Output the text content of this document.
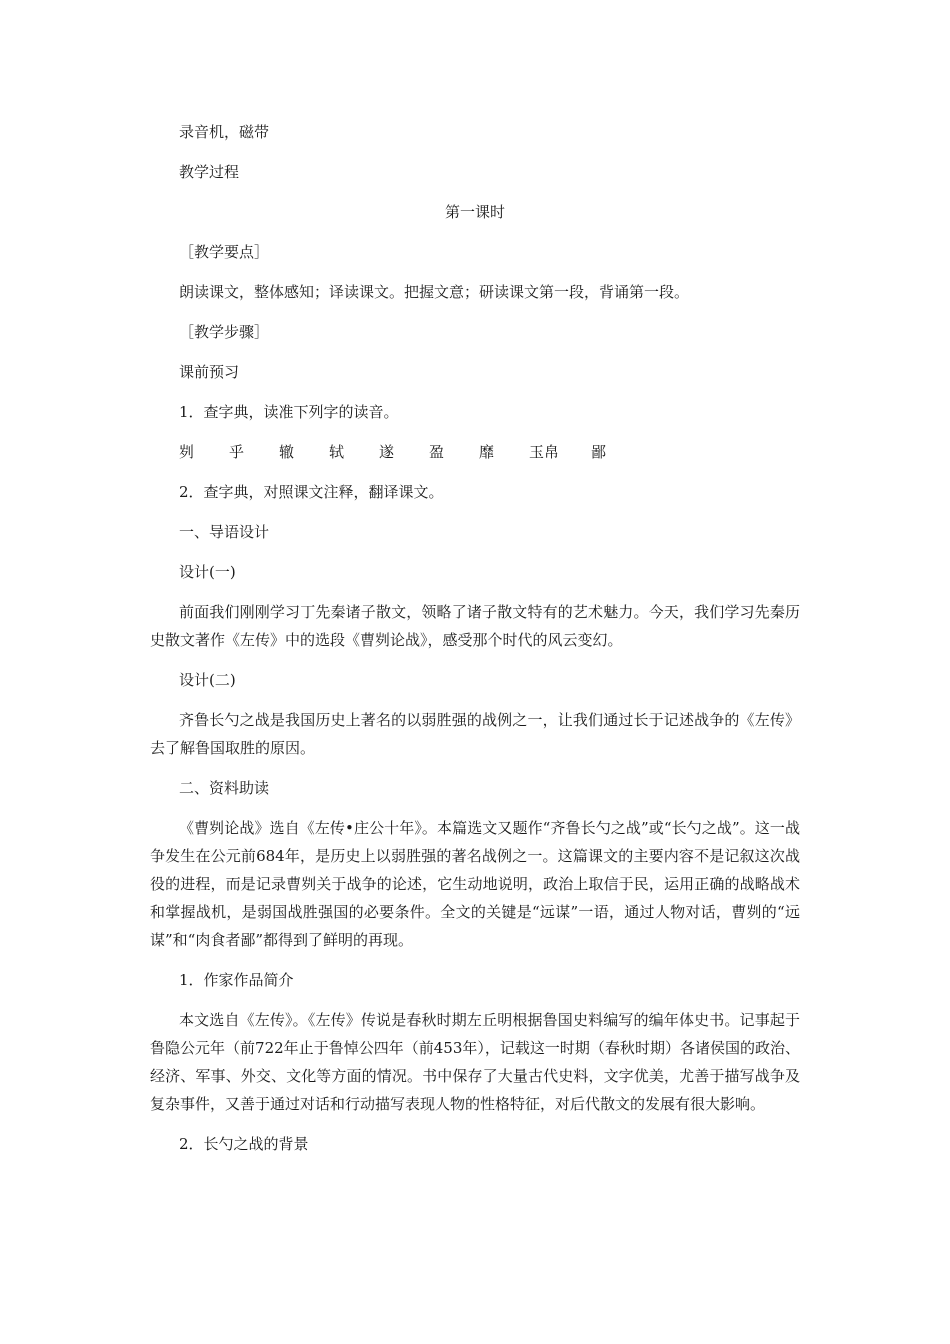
录音机，磁带

教学过程

第一课时

［教学要点］

朗读课文，整体感知；译读课文。把握文意；研读课文第一段，背诵第一段。

［教学步骤］

课前预习

1．查字典，读准下列字的读音。

刿	乎	辙	轼	遂	盈	靡	玉帛	鄙

2．查字典，对照课文注释，翻译课文。

一、导语设计

设计(一)

前面我们刚刚学习丁先秦诸子散文，领略了诸子散文特有的艺术魅力。今天，我们学习先秦历史散文著作《左传》中的选段《曹刿论战》，感受那个时代的风云变幻。

设计(二)

齐鲁长勺之战是我国历史上著名的以弱胜强的战例之一，让我们通过长于记述战争的《左传》去了解鲁国取胜的原因。

二、资料助读

《曹刿论战》选自《左传•庄公十年》。本篇选文又题作“齐鲁长勺之战”或“长勺之战”。这一战争发生在公元前684年，是历史上以弱胜强的著名战例之一。这篇课文的主要内容不是记叙这次战役的进程，而是记录曹刿关于战争的论述，它生动地说明，政治上取信于民，运用正确的战略战术和掌握战机，是弱国战胜强国的必要条件。全文的关键是“远谋”一语，通过人物对话，曹刿的“远谋”和“肉食者鄙”都得到了鲜明的再现。

1．作家作品简介

本文选自《左传》。《左传》传说是春秋时期左丘明根据鲁国史料编写的编年体史书。记事起于鲁隐公元年（前722年止于鲁悼公四年（前453年），记载这一时期（春秋时期）各诸侯国的政治、经济、军事、外交、文化等方面的情况。书中保存了大量古代史料，文字优美，尤善于描写战争及复杂事件，又善于通过对话和行动描写表现人物的性格特征，对后代散文的发展有很大影响。

2．长勺之战的背景
